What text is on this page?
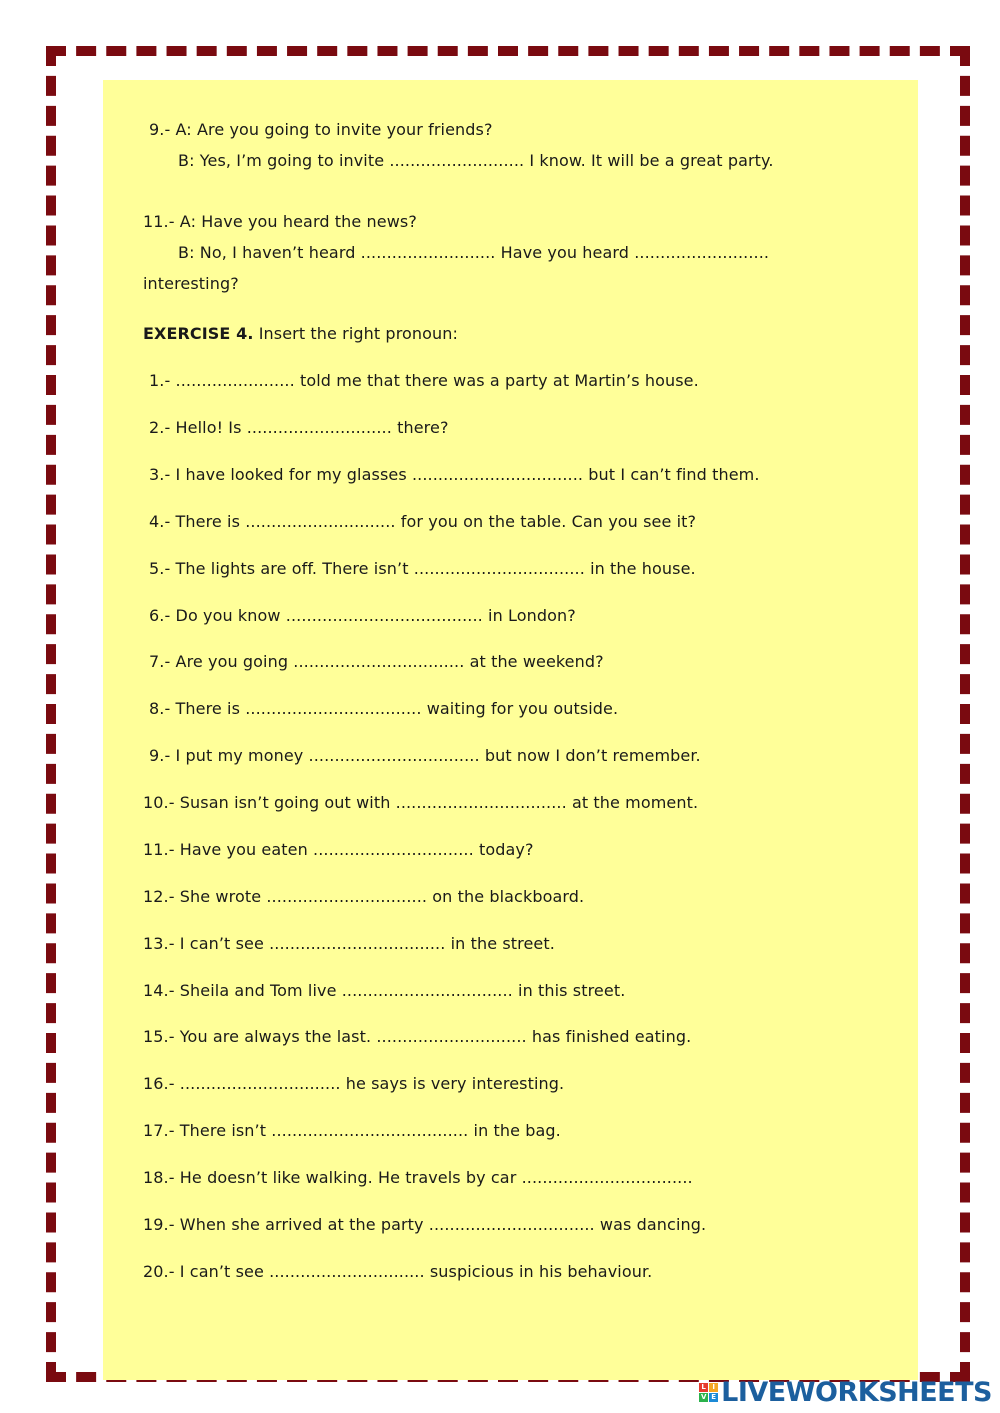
9.- A: Are you going to invite your friends?
B: Yes, I’m going to invite .......................... I know. It will be a great party.
11.- A: Have you heard the news?
B: No, I haven’t heard .......................... Have you heard ..........................
interesting?
EXERCISE 4. Insert the right pronoun:
1.- ....................... told me that there was a party at Martin’s house.
2.- Hello! Is ............................ there?
3.- I have looked for my glasses ................................. but I can’t find them.
4.- There is ............................. for you on the table. Can you see it?
5.- The lights are off. There isn’t ................................. in the house.
6.- Do you know ...................................... in London?
7.- Are you going ................................. at the weekend?
8.- There is .................................. waiting for you outside.
9.- I put my money ................................. but now I don’t remember.
10.- Susan isn’t going out with ................................. at the moment.
11.- Have you eaten ............................... today?
12.- She wrote ............................... on the blackboard.
13.- I can’t see .................................. in the street.
14.- Sheila and Tom live ................................. in this street.
15.- You are always the last. ............................. has finished eating.
16.- ............................... he says is very interesting.
17.- There isn’t ...................................... in the bag.
18.- He doesn’t like walking. He travels by car .................................
19.- When she arrived at the party ................................ was dancing.
20.- I can’t see .............................. suspicious in his behaviour.
L I
V E LIVEWORKSHEETS
